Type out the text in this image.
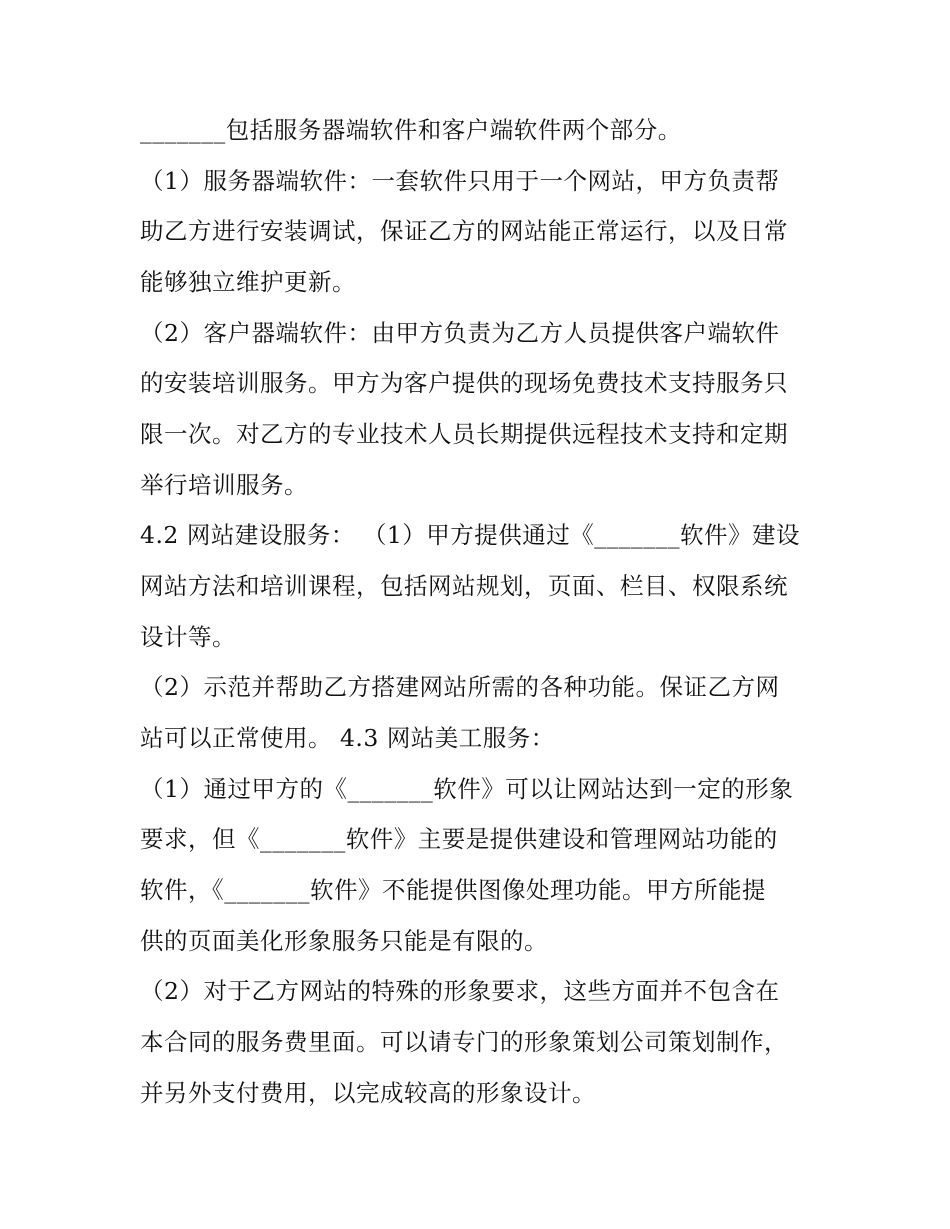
_______包括服务器端软件和客户端软件两个部分。
（1）服务器端软件：一套软件只用于一个网站，甲方负责帮
助乙方进行安装调试，保证乙方的网站能正常运行，以及日常
能够独立维护更新。
（2）客户器端软件：由甲方负责为乙方人员提供客户端软件
的安装培训服务。甲方为客户提供的现场免费技术支持服务只
限一次。对乙方的专业技术人员长期提供远程技术支持和定期
举行培训服务。
4.2 网站建设服务： （1）甲方提供通过《_______软件》建设
网站方法和培训课程，包括网站规划，页面、栏目、权限系统
设计等。
（2）示范并帮助乙方搭建网站所需的各种功能。保证乙方网
站可以正常使用。 4.3 网站美工服务：
（1）通过甲方的《_______软件》可以让网站达到一定的形象
要求，但《_______软件》主要是提供建设和管理网站功能的
软件，《_______软件》不能提供图像处理功能。甲方所能提
供的页面美化形象服务只能是有限的。
（2）对于乙方网站的特殊的形象要求，这些方面并不包含在
本合同的服务费里面。可以请专门的形象策划公司策划制作，
并另外支付费用，以完成较高的形象设计。
